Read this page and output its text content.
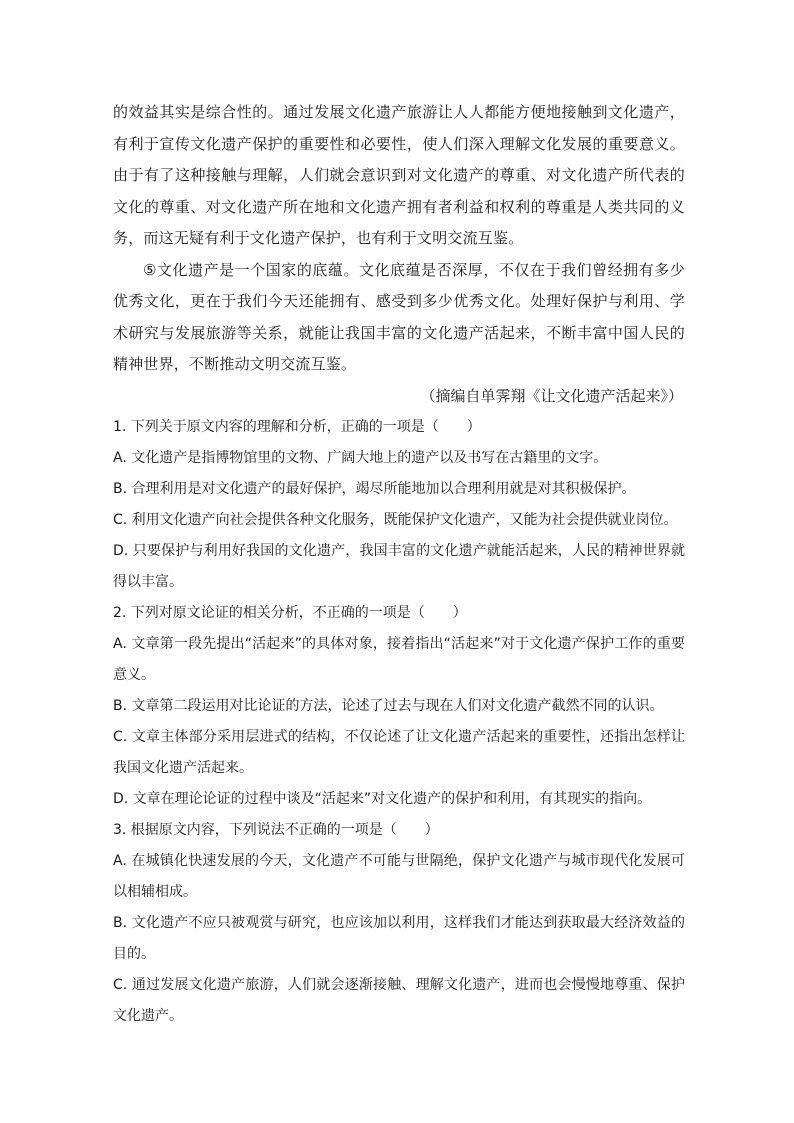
的效益其实是综合性的。通过发展文化遗产旅游让人人都能方便地接触到文化遗产，有利于宣传文化遗产保护的重要性和必要性，使人们深入理解文化发展的重要意义。由于有了这种接触与理解，人们就会意识到对文化遗产的尊重、对文化遗产所代表的文化的尊重、对文化遗产所在地和文化遗产拥有者利益和权利的尊重是人类共同的义务，而这无疑有利于文化遗产保护，也有利于文明交流互鉴。

⑤文化遗产是一个国家的底蕴。文化底蕴是否深厚，不仅在于我们曾经拥有多少优秀文化，更在于我们今天还能拥有、感受到多少优秀文化。处理好保护与利用、学术研究与发展旅游等关系，就能让我国丰富的文化遗产活起来，不断丰富中国人民的精神世界，不断推动文明交流互鉴。

（摘编自单霁翔《让文化遗产活起来》）

1. 下列关于原文内容的理解和分析，正确的一项是（　　）

A. 文化遗产是指博物馆里的文物、广阔大地上的遗产以及书写在古籍里的文字。

B. 合理利用是对文化遗产的最好保护，竭尽所能地加以合理利用就是对其积极保护。

C. 利用文化遗产向社会提供各种文化服务，既能保护文化遗产，又能为社会提供就业岗位。

D. 只要保护与利用好我国的文化遗产，我国丰富的文化遗产就能活起来，人民的精神世界就得以丰富。

2. 下列对原文论证的相关分析，不正确的一项是（　　）

A. 文章第一段先提出“活起来”的具体对象，接着指出“活起来”对于文化遗产保护工作的重要意义。

B. 文章第二段运用对比论证的方法，论述了过去与现在人们对文化遗产截然不同的认识。

C. 文章主体部分采用层进式的结构，不仅论述了让文化遗产活起来的重要性，还指出怎样让我国文化遗产活起来。

D. 文章在理论论证的过程中谈及“活起来”对文化遗产的保护和利用，有其现实的指向。

3. 根据原文内容，下列说法不正确的一项是（　　）

A. 在城镇化快速发展的今天，文化遗产不可能与世隔绝，保护文化遗产与城市现代化发展可以相辅相成。

B. 文化遗产不应只被观赏与研究，也应该加以利用，这样我们才能达到获取最大经济效益的目的。

C. 通过发展文化遗产旅游，人们就会逐渐接触、理解文化遗产，进而也会慢慢地尊重、保护文化遗产。
